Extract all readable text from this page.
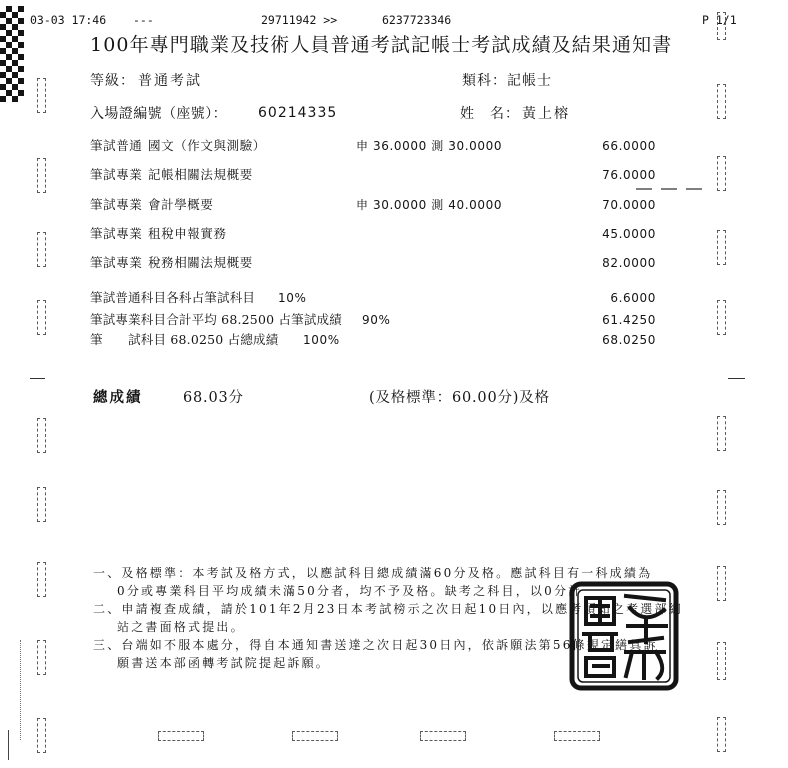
03-03 17:46 ---	29711942 >>	6237723346	P 1/1
100年專門職業及技術人員普通考試記帳士考試成績及結果通知書
等級： 普通考試	類科： 記帳士
入場證編號（座號）： 60214335	姓　名： 黃上榕
筆試普通 國文（作文與測驗）	申 36.0000 測 30.0000	66.0000
筆試專業 記帳相關法規概要	76.0000
筆試專業 會計學概要	申 30.0000 測 40.0000	70.0000
筆試專業 租稅申報實務	45.0000
筆試專業 稅務相關法規概要	82.0000
筆試普通科目各科占筆試科目 10%	6.6000
筆試專業科目合計平均 68.2500 占筆試成績 90%	61.4250
筆　　試科目 68.0250 占總成績 100%	68.0250
總成績	68.03分	(及格標準：60.00分)及格
一、及格標準：本考試及格方式，以應試科目總成績滿60分及格。應試科目有一科成績為
0分或專業科目平均成績未滿50分者，均不予及格。缺考之科目，以0分計
二、申請複查成績，請於101年2月23日本考試榜示之次日起10日內，以應考須知之考選部網
站之書面格式提出。
三、台端如不服本處分，得自本通知書送達之次日起30日內，依訴願法第56條規定繕具訴
願書送本部函轉考試院提起訴願。
